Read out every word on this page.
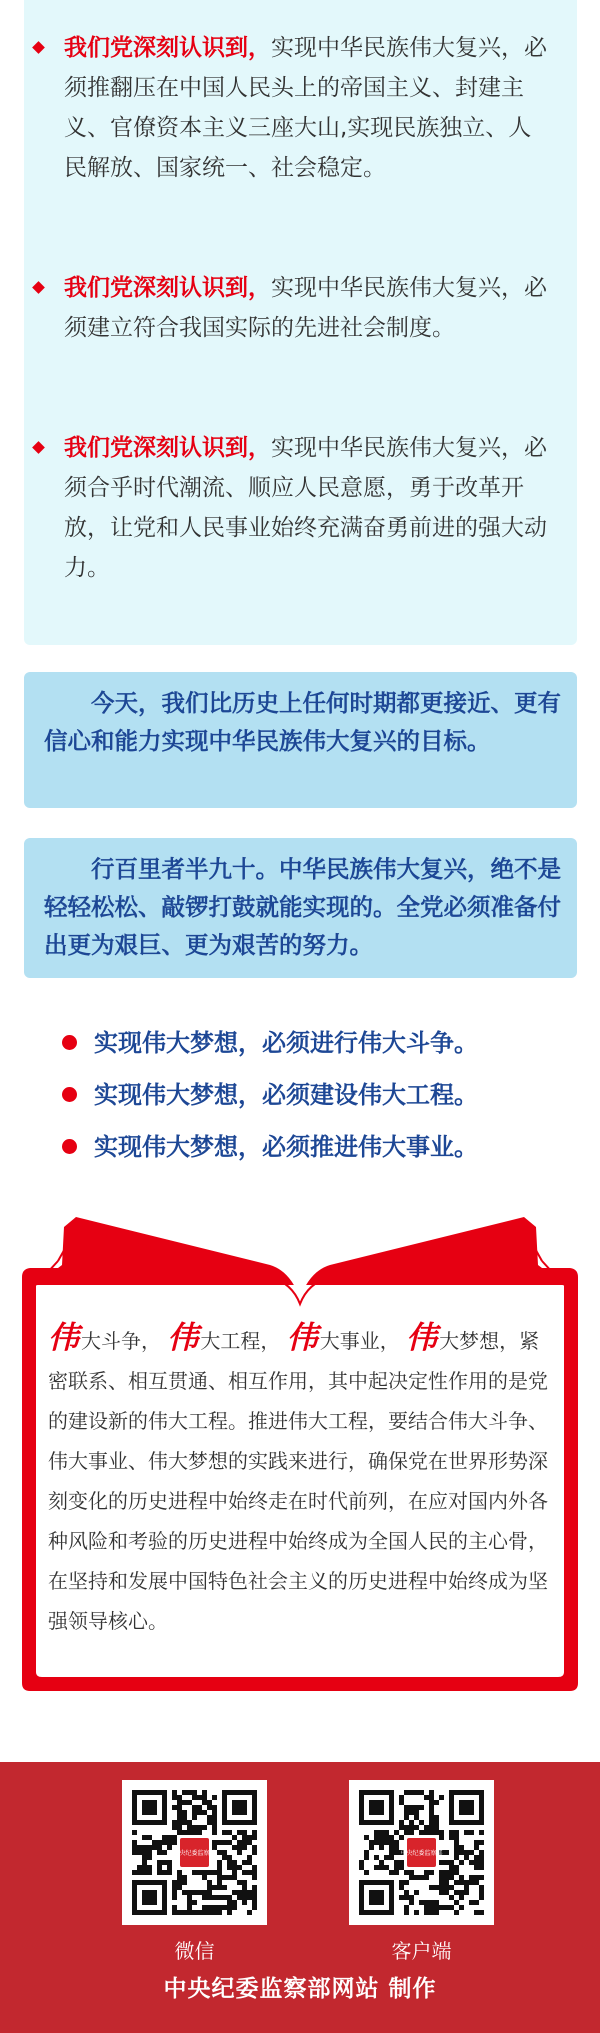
我们党深刻认识到，实现中华民族伟大复兴，必须推翻压在中国人民头上的帝国主义、封建主义、官僚资本主义三座大山,实现民族独立、人民解放、国家统一、社会稳定。
我们党深刻认识到，实现中华民族伟大复兴，必须建立符合我国实际的先进社会制度。
我们党深刻认识到，实现中华民族伟大复兴，必须合乎时代潮流、顺应人民意愿，勇于改革开放，让党和人民事业始终充满奋勇前进的强大动力。
今天，我们比历史上任何时期都更接近、更有信心和能力实现中华民族伟大复兴的目标。
行百里者半九十。中华民族伟大复兴，绝不是轻轻松松、敲锣打鼓就能实现的。全党必须准备付出更为艰巨、更为艰苦的努力。
实现伟大梦想，必须进行伟大斗争。
实现伟大梦想，必须建设伟大工程。
实现伟大梦想，必须推进伟大事业。
伟大斗争， 伟 大工程， 伟 大事业， 伟 大梦想，紧密联系、相互贯通、相互作用，其中起决定性作用的是党的建设新的伟大工程。推进伟大工程，要结合伟大斗争、伟大事业、伟大梦想的实践来进行，确保党在世界形势深刻变化的历史进程中始终走在时代前列，在应对国内外各种风险和考验的历史进程中始终成为全国人民的主心骨，在坚持和发展中国特色社会主义的历史进程中始终成为坚强领导核心。
中央纪委监察部
微信
中央纪委监察部
客户端
中央纪委监察部网站 制作
